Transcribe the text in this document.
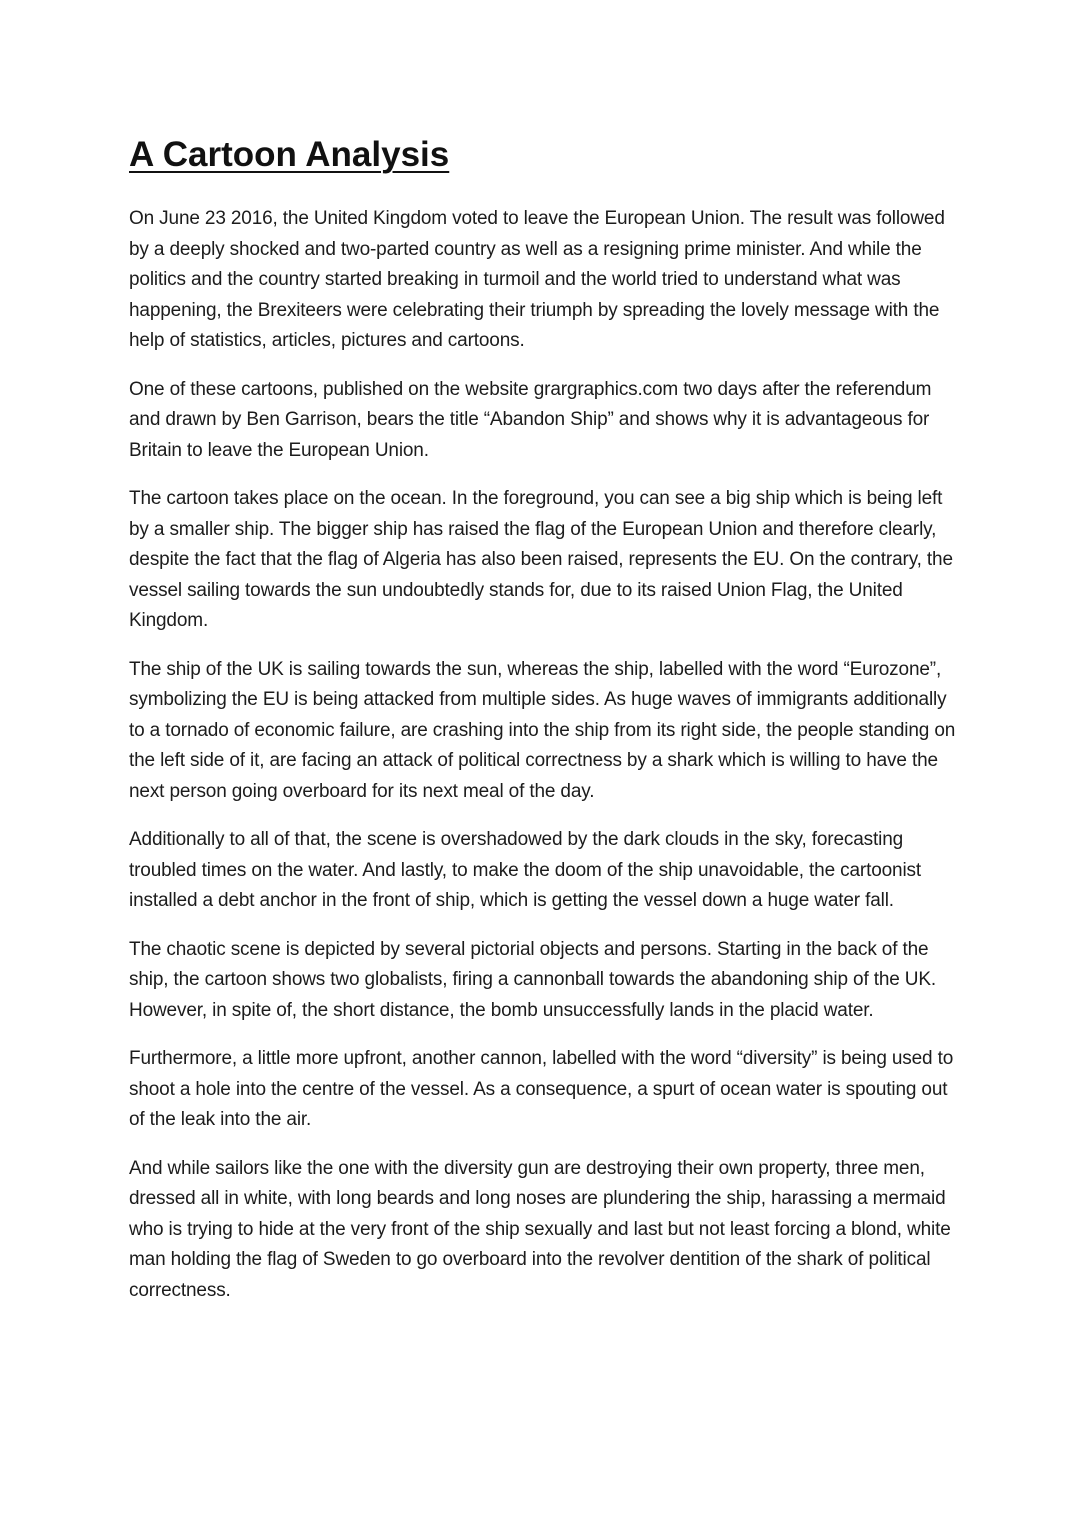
A Cartoon Analysis

On June 23 2016, the United Kingdom voted to leave the European Union. The result was followed by a deeply shocked and two-parted country as well as a resigning prime minister. And while the politics and the country started breaking in turmoil and the world tried to understand what was happening, the Brexiteers were celebrating their triumph by spreading the lovely message with the help of statistics, articles, pictures and cartoons.

One of these cartoons, published on the website grargraphics.com two days after the referendum and drawn by Ben Garrison, bears the title “Abandon Ship” and shows why it is advantageous for Britain to leave the European Union.

The cartoon takes place on the ocean. In the foreground, you can see a big ship which is being left by a smaller ship. The bigger ship has raised the flag of the European Union and therefore clearly, despite the fact that the flag of Algeria has also been raised, represents the EU. On the contrary, the vessel sailing towards the sun undoubtedly stands for, due to its raised Union Flag, the United Kingdom.

The ship of the UK is sailing towards the sun, whereas the ship, labelled with the word “Eurozone”, symbolizing the EU is being attacked from multiple sides. As huge waves of immigrants additionally to a tornado of economic failure, are crashing into the ship from its right side, the people standing on the left side of it, are facing an attack of political correctness by a shark which is willing to have the next person going overboard for its next meal of the day.

Additionally to all of that, the scene is overshadowed by the dark clouds in the sky, forecasting troubled times on the water. And lastly, to make the doom of the ship unavoidable, the cartoonist installed a debt anchor in the front of ship, which is getting the vessel down a huge water fall.

The chaotic scene is depicted by several pictorial objects and persons. Starting in the back of the ship, the cartoon shows two globalists, firing a cannonball towards the abandoning ship of the UK. However, in spite of, the short distance, the bomb unsuccessfully lands in the placid water.

Furthermore, a little more upfront, another cannon, labelled with the word “diversity” is being used to shoot a hole into the centre of the vessel. As a consequence, a spurt of ocean water is spouting out of the leak into the air.

And while sailors like the one with the diversity gun are destroying their own property, three men, dressed all in white, with long beards and long noses are plundering the ship, harassing a mermaid who is trying to hide at the very front of the ship sexually and last but not least forcing a blond, white man holding the flag of Sweden to go overboard into the revolver dentition of the shark of political correctness.
